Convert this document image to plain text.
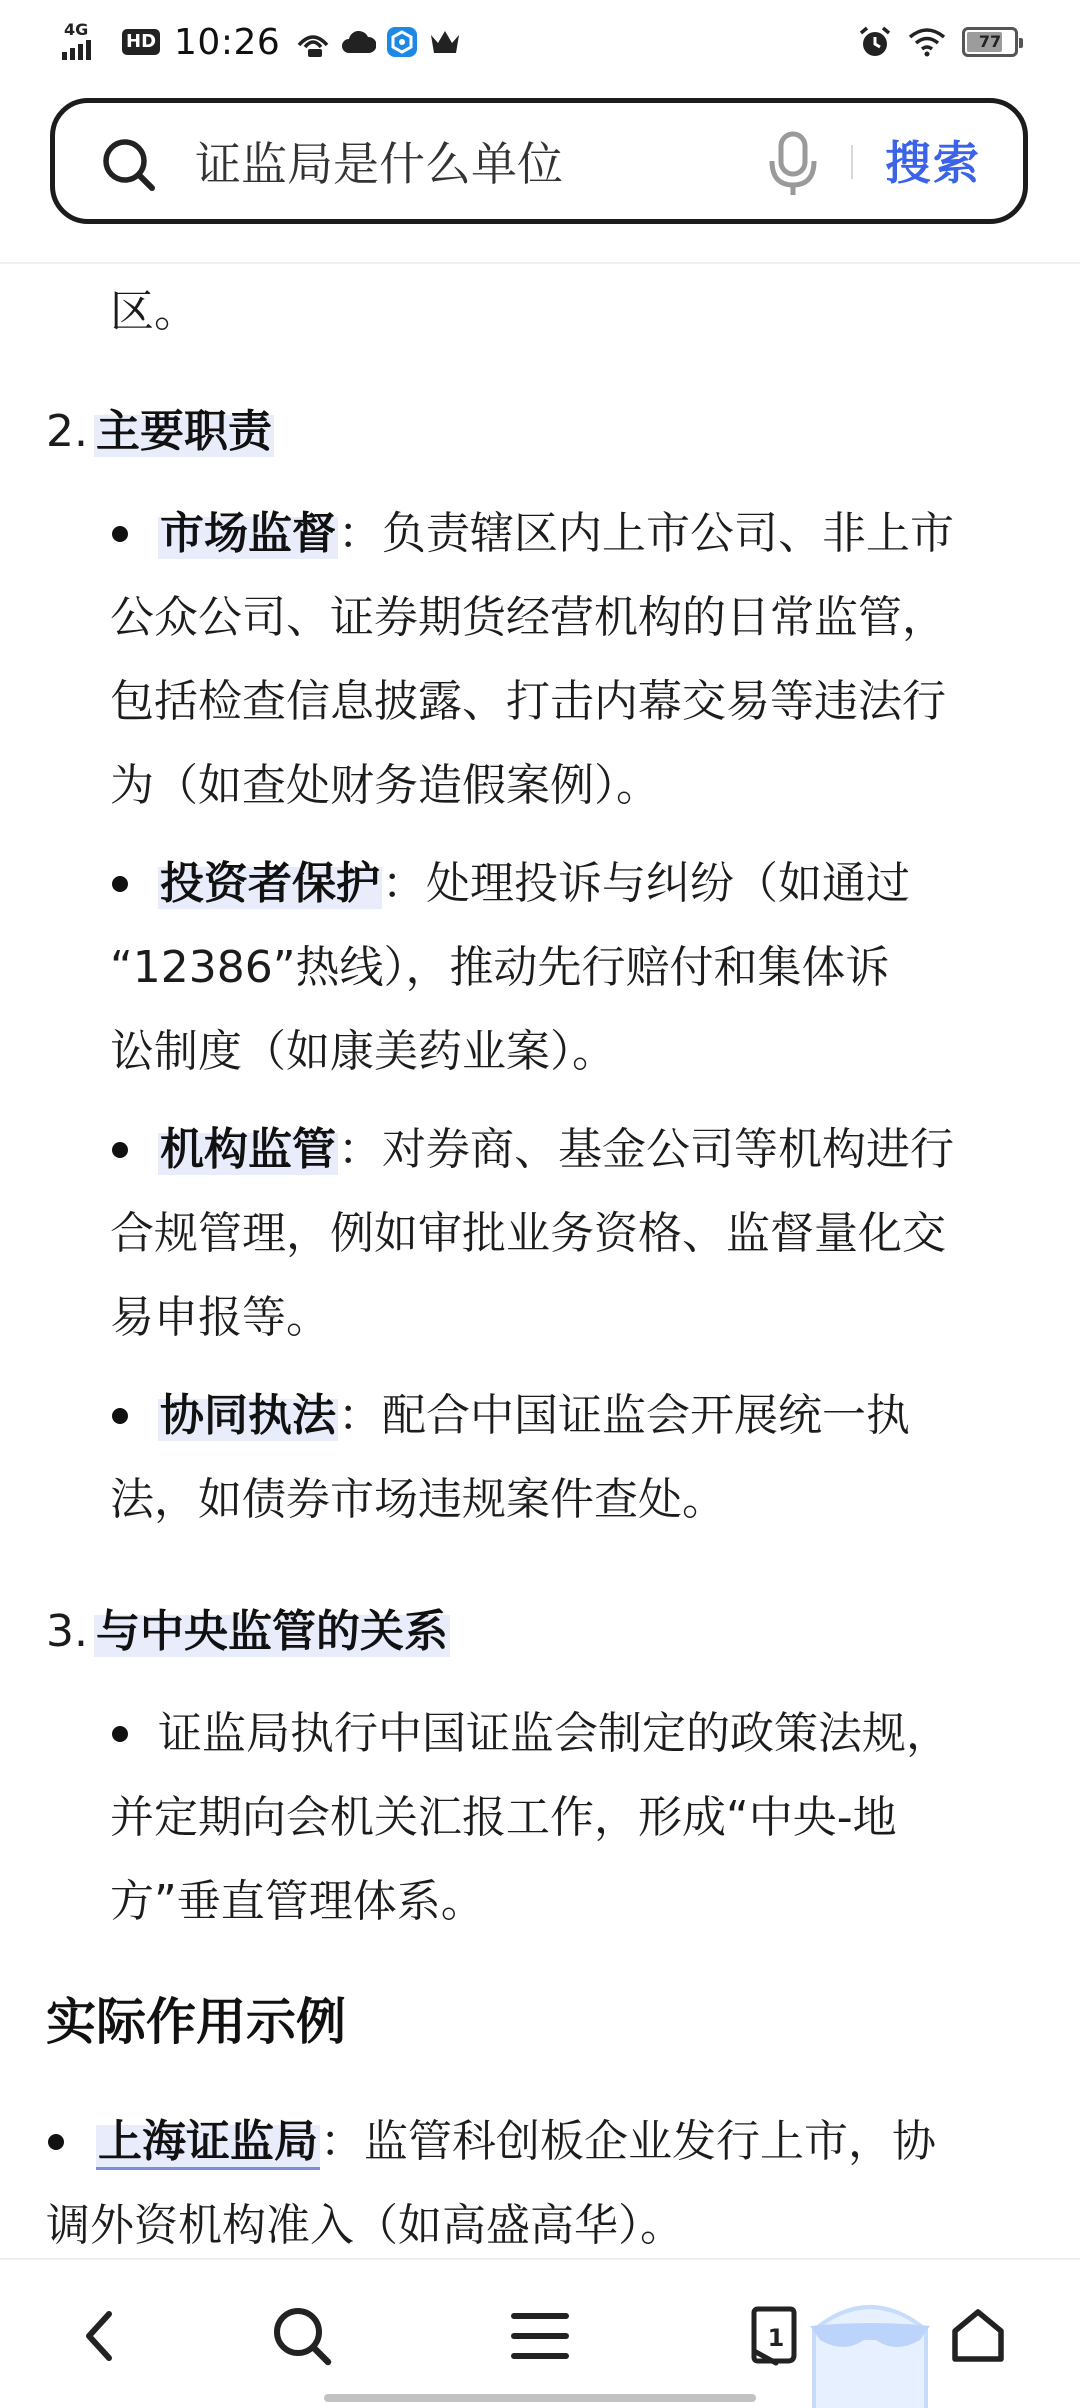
4G
HD 10:26	77
证监局是什么单位
搜索
区。
2. 主要职责
市场监督：负责辖区内上市公司、非上市
公众公司、证券期货经营机构的日常监管，
包括检查信息披露、打击内幕交易等违法行
为（如查处财务造假案例）。
投资者保护：处理投诉与纠纷（如通过
“12386”热线），推动先行赔付和集体诉
讼制度（如康美药业案）。
机构监管：对券商、基金公司等机构进行
合规管理，例如审批业务资格、监督量化交
易申报等。
协同执法：配合中国证监会开展统一执
法，如债券市场违规案件查处。
3. 与中央监管的关系
证监局执行中国证监会制定的政策法规，
并定期向会机关汇报工作，形成“中央-地
方”垂直管理体系。
实际作用示例
上海证监局：监管科创板企业发行上市，协
调外资机构准入（如高盛高华）。
1
